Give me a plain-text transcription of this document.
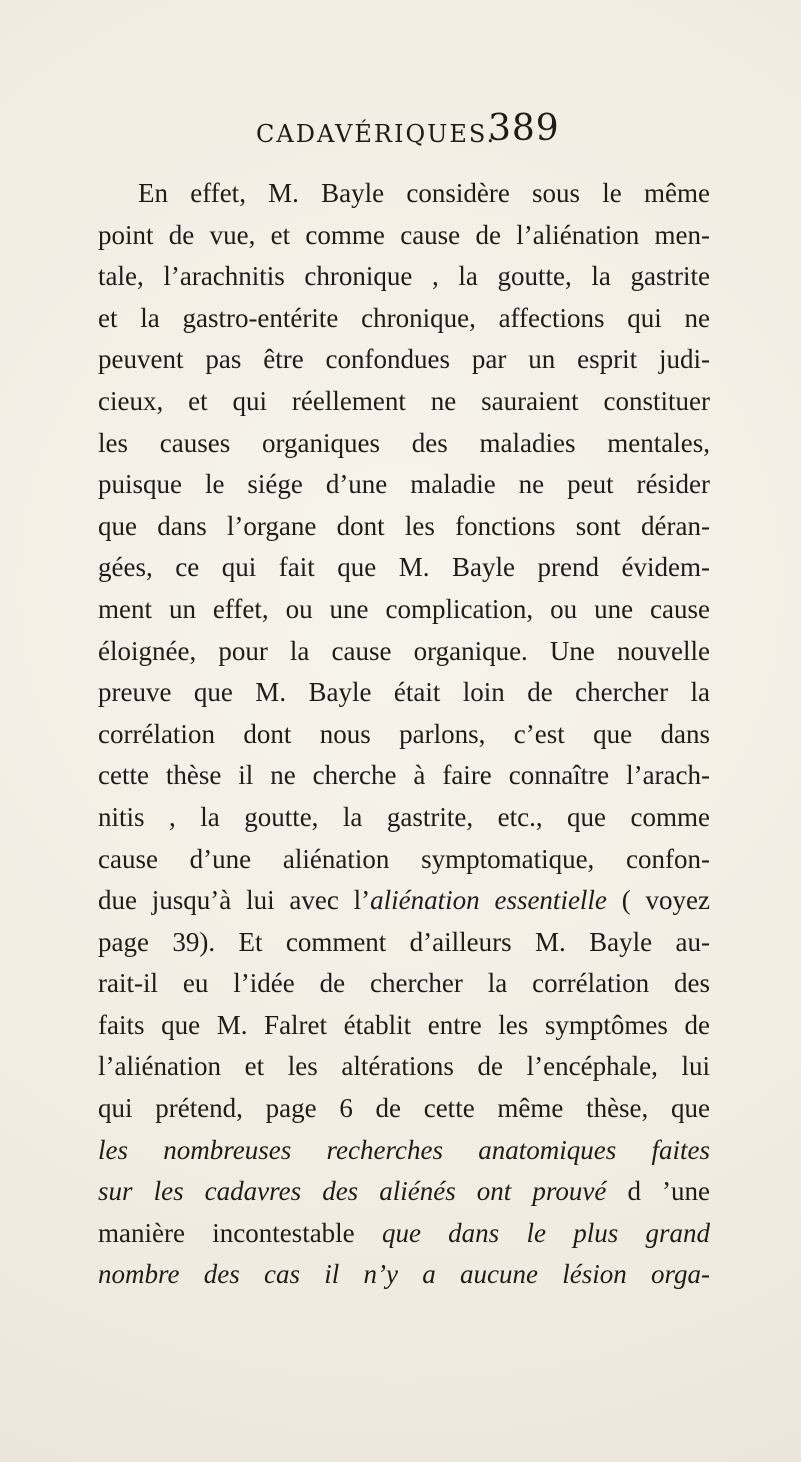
CADAVÉRIQUES.
389
En effet, M. Bayle considère sous le même
point de vue, et comme cause de l’aliénation men-
tale, l’arachnitis chronique , la goutte, la gastrite
et la gastro-entérite chronique, affections qui ne
peuvent pas être confondues par un esprit judi-
cieux, et qui réellement ne sauraient constituer
les causes organiques des maladies mentales,
puisque le siége d’une maladie ne peut résider
que dans l’organe dont les fonctions sont déran-
gées, ce qui fait que M. Bayle prend évidem-
ment un effet, ou une complication, ou une cause
éloignée, pour la cause organique. Une nouvelle
preuve que M. Bayle était loin de chercher la
corrélation dont nous parlons, c’est que dans
cette thèse il ne cherche à faire connaître l’arach-
nitis , la goutte, la gastrite, etc., que comme
cause d’une aliénation symptomatique, confon-
due jusqu’à lui avec l’aliénation essentielle ( voyez
page 39). Et comment d’ailleurs M. Bayle au-
rait-il eu l’idée de chercher la corrélation des
faits que M. Falret établit entre les symptômes de
l’aliénation et les altérations de l’encéphale, lui
qui prétend, page 6 de cette même thèse, que
les nombreuses recherches anatomiques faites
sur les cadavres des aliénés ont prouvé d ’une
manière incontestable que dans le plus grand
nombre des cas il n’y a aucune lésion orga-
